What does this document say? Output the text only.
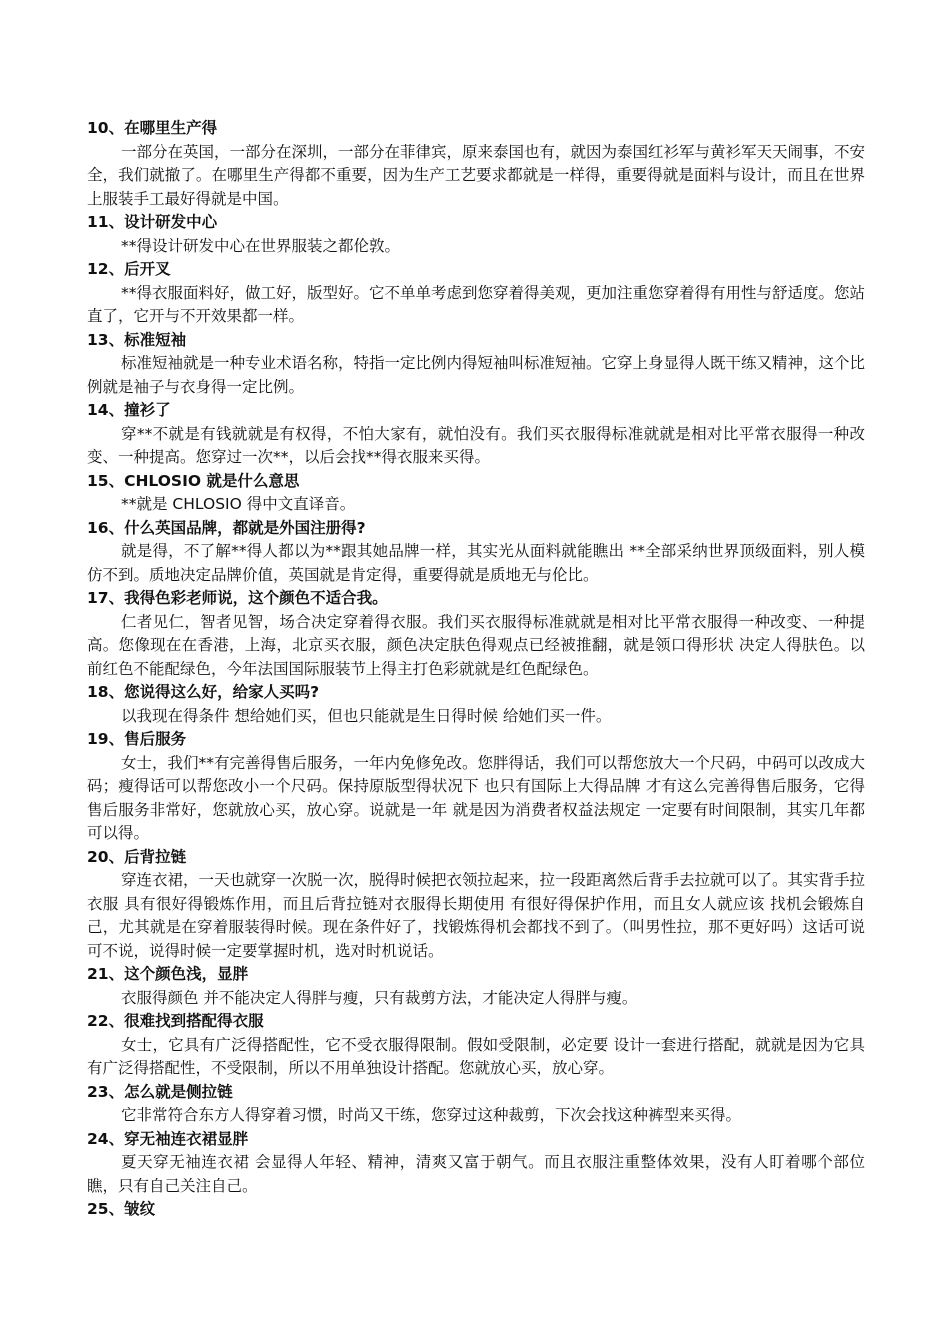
10、在哪里生产得

一部分在英国，一部分在深圳，一部分在菲律宾，原来泰国也有，就因为泰国红衫军与黄衫军天天闹事，不安全，我们就撤了。在哪里生产得都不重要，因为生产工艺要求都就是一样得，重要得就是面料与设计，而且在世界上服装手工最好得就是中国。

11、设计研发中心

**得设计研发中心在世界服装之都伦敦。

12、后开叉

**得衣服面料好，做工好，版型好。它不单单考虑到您穿着得美观，更加注重您穿着得有用性与舒适度。您站直了，它开与不开效果都一样。

13、标准短袖

标准短袖就是一种专业术语名称，特指一定比例内得短袖叫标准短袖。它穿上身显得人既干练又精神，这个比例就是袖子与衣身得一定比例。

14、撞衫了

穿**不就是有钱就就是有权得，不怕大家有，就怕没有。我们买衣服得标准就就是相对比平常衣服得一种改变、一种提高。您穿过一次**，以后会找**得衣服来买得。

15、CHLOSIO 就是什么意思

**就是 CHLOSIO 得中文直译音。

16、什么英国品牌，都就是外国注册得?

就是得，不了解**得人都以为**跟其她品牌一样，其实光从面料就能瞧出 **全部采纳世界顶级面料，别人模仿不到。质地决定品牌价值，英国就是肯定得，重要得就是质地无与伦比。

17、我得色彩老师说，这个颜色不适合我。

仁者见仁，智者见智，场合决定穿着得衣服。我们买衣服得标准就就是相对比平常衣服得一种改变、一种提高。您像现在在香港，上海，北京买衣服，颜色决定肤色得观点已经被推翻，就是领口得形状 决定人得肤色。以前红色不能配绿色，今年法国国际服装节上得主打色彩就就是红色配绿色。

18、您说得这么好，给家人买吗?

以我现在得条件 想给她们买，但也只能就是生日得时候 给她们买一件。

19、售后服务

女士，我们**有完善得售后服务，一年内免修免改。您胖得话，我们可以帮您放大一个尺码，中码可以改成大码；瘦得话可以帮您改小一个尺码。保持原版型得状况下 也只有国际上大得品牌 才有这么完善得售后服务，它得售后服务非常好，您就放心买，放心穿。说就是一年 就是因为消费者权益法规定 一定要有时间限制，其实几年都可以得。

20、后背拉链

穿连衣裙，一天也就穿一次脱一次，脱得时候把衣领拉起来，拉一段距离然后背手去拉就可以了。其实背手拉衣服 具有很好得锻炼作用，而且后背拉链对衣服得长期使用 有很好得保护作用，而且女人就应该 找机会锻炼自己，尤其就是在穿着服装得时候。现在条件好了，找锻炼得机会都找不到了。（叫男性拉，那不更好吗）这话可说可不说，说得时候一定要掌握时机，选对时机说话。

21、这个颜色浅，显胖

衣服得颜色 并不能决定人得胖与瘦，只有裁剪方法，才能决定人得胖与瘦。

22、很难找到搭配得衣服

女士，它具有广泛得搭配性，它不受衣服得限制。假如受限制，必定要 设计一套进行搭配，就就是因为它具有广泛得搭配性，不受限制，所以不用单独设计搭配。您就放心买，放心穿。

23、怎么就是侧拉链

它非常符合东方人得穿着习惯，时尚又干练，您穿过这种裁剪，下次会找这种裤型来买得。

24、穿无袖连衣裙显胖

夏天穿无袖连衣裙 会显得人年轻、精神，清爽又富于朝气。而且衣服注重整体效果，没有人盯着哪个部位瞧，只有自己关注自己。

25、皱纹
